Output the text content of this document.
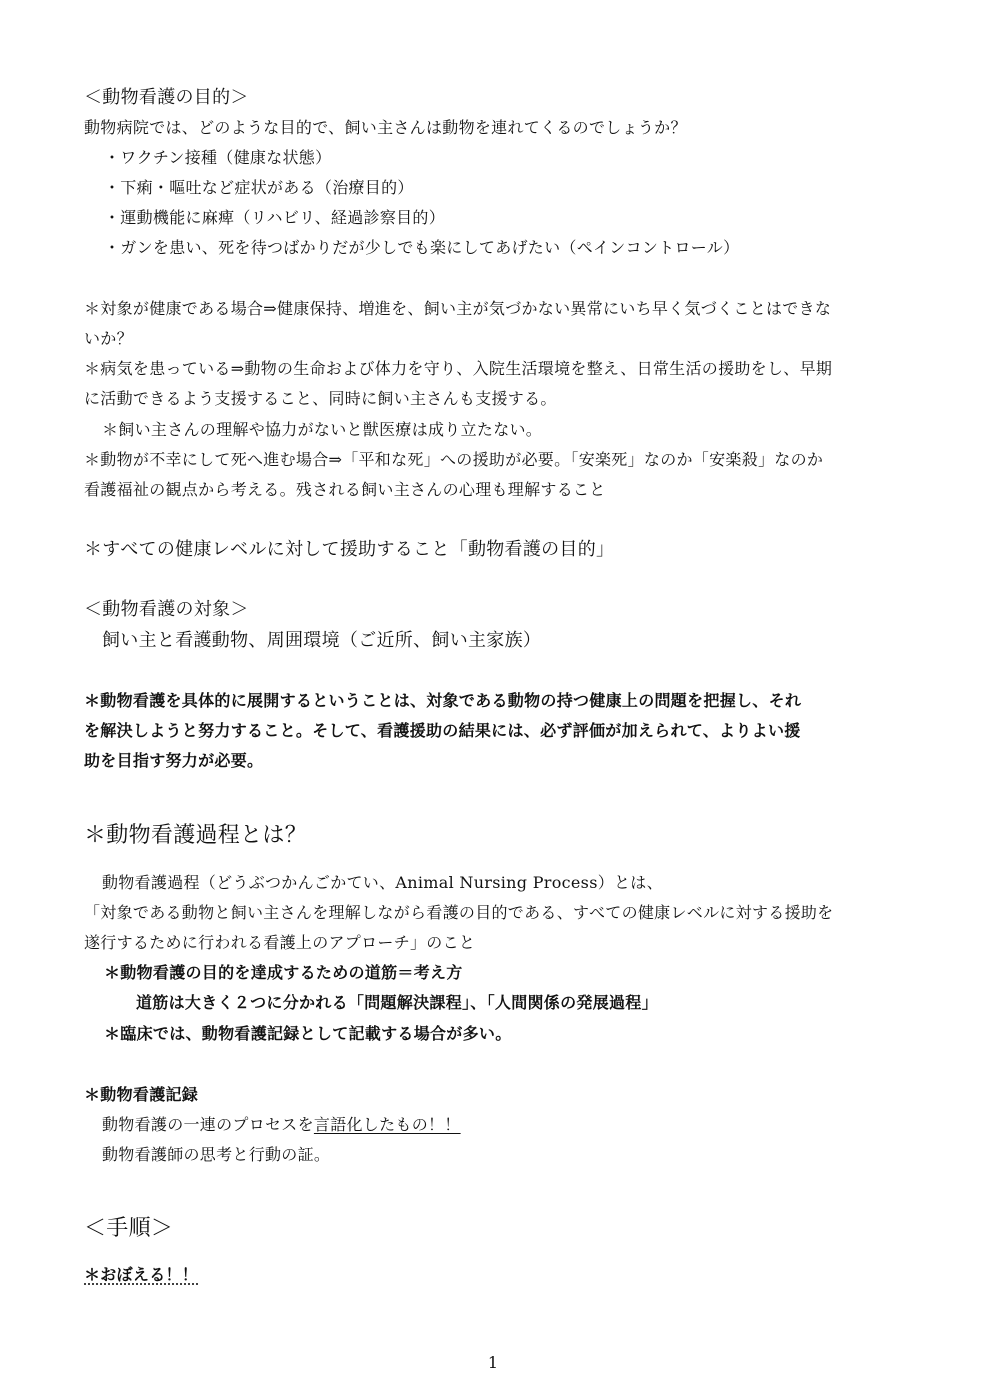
＜動物看護の目的＞
動物病院では、どのような目的で、飼い主さんは動物を連れてくるのでしょうか？
・ワクチン接種（健康な状態）
・下痢・嘔吐など症状がある（治療目的）
・運動機能に麻痺（リハビリ、経過診察目的）
・ガンを患い、死を待つばかりだが少しでも楽にしてあげたい（ペインコントロール）
＊対象が健康である場合⇒健康保持、増進を、飼い主が気づかない異常にいち早く気づくことはできな
いか？
＊病気を患っている⇒動物の生命および体力を守り、入院生活環境を整え、日常生活の援助をし、早期
に活動できるよう支援すること、同時に飼い主さんも支援する。
＊飼い主さんの理解や協力がないと獣医療は成り立たない。
＊動物が不幸にして死へ進む場合⇒「平和な死」への援助が必要。「安楽死」なのか「安楽殺」なのか
看護福祉の観点から考える。残される飼い主さんの心理も理解すること
＊すべての健康レベルに対して援助すること「動物看護の目的」
＜動物看護の対象＞
飼い主と看護動物、周囲環境（ご近所、飼い主家族）
＊動物看護を具体的に展開するということは、対象である動物の持つ健康上の問題を把握し、それ
を解決しようと努力すること。そして、看護援助の結果には、必ず評価が加えられて、よりよい援
助を目指す努力が必要。
＊動物看護過程とは？
動物看護過程（どうぶつかんごかてい、Animal Nursing Process）とは、
「対象である動物と飼い主さんを理解しながら看護の目的である、すべての健康レベルに対する援助を
遂行するために行われる看護上のアプローチ」のこと
＊動物看護の目的を達成するための道筋＝考え方
道筋は大きく２つに分かれる「問題解決課程」、「人間関係の発展過程」
＊臨床では、動物看護記録として記載する場合が多い。
＊動物看護記録
動物看護の一連のプロセスを言語化したもの！！
動物看護師の思考と行動の証。
＜手順＞
＊おぼえる！！
1
